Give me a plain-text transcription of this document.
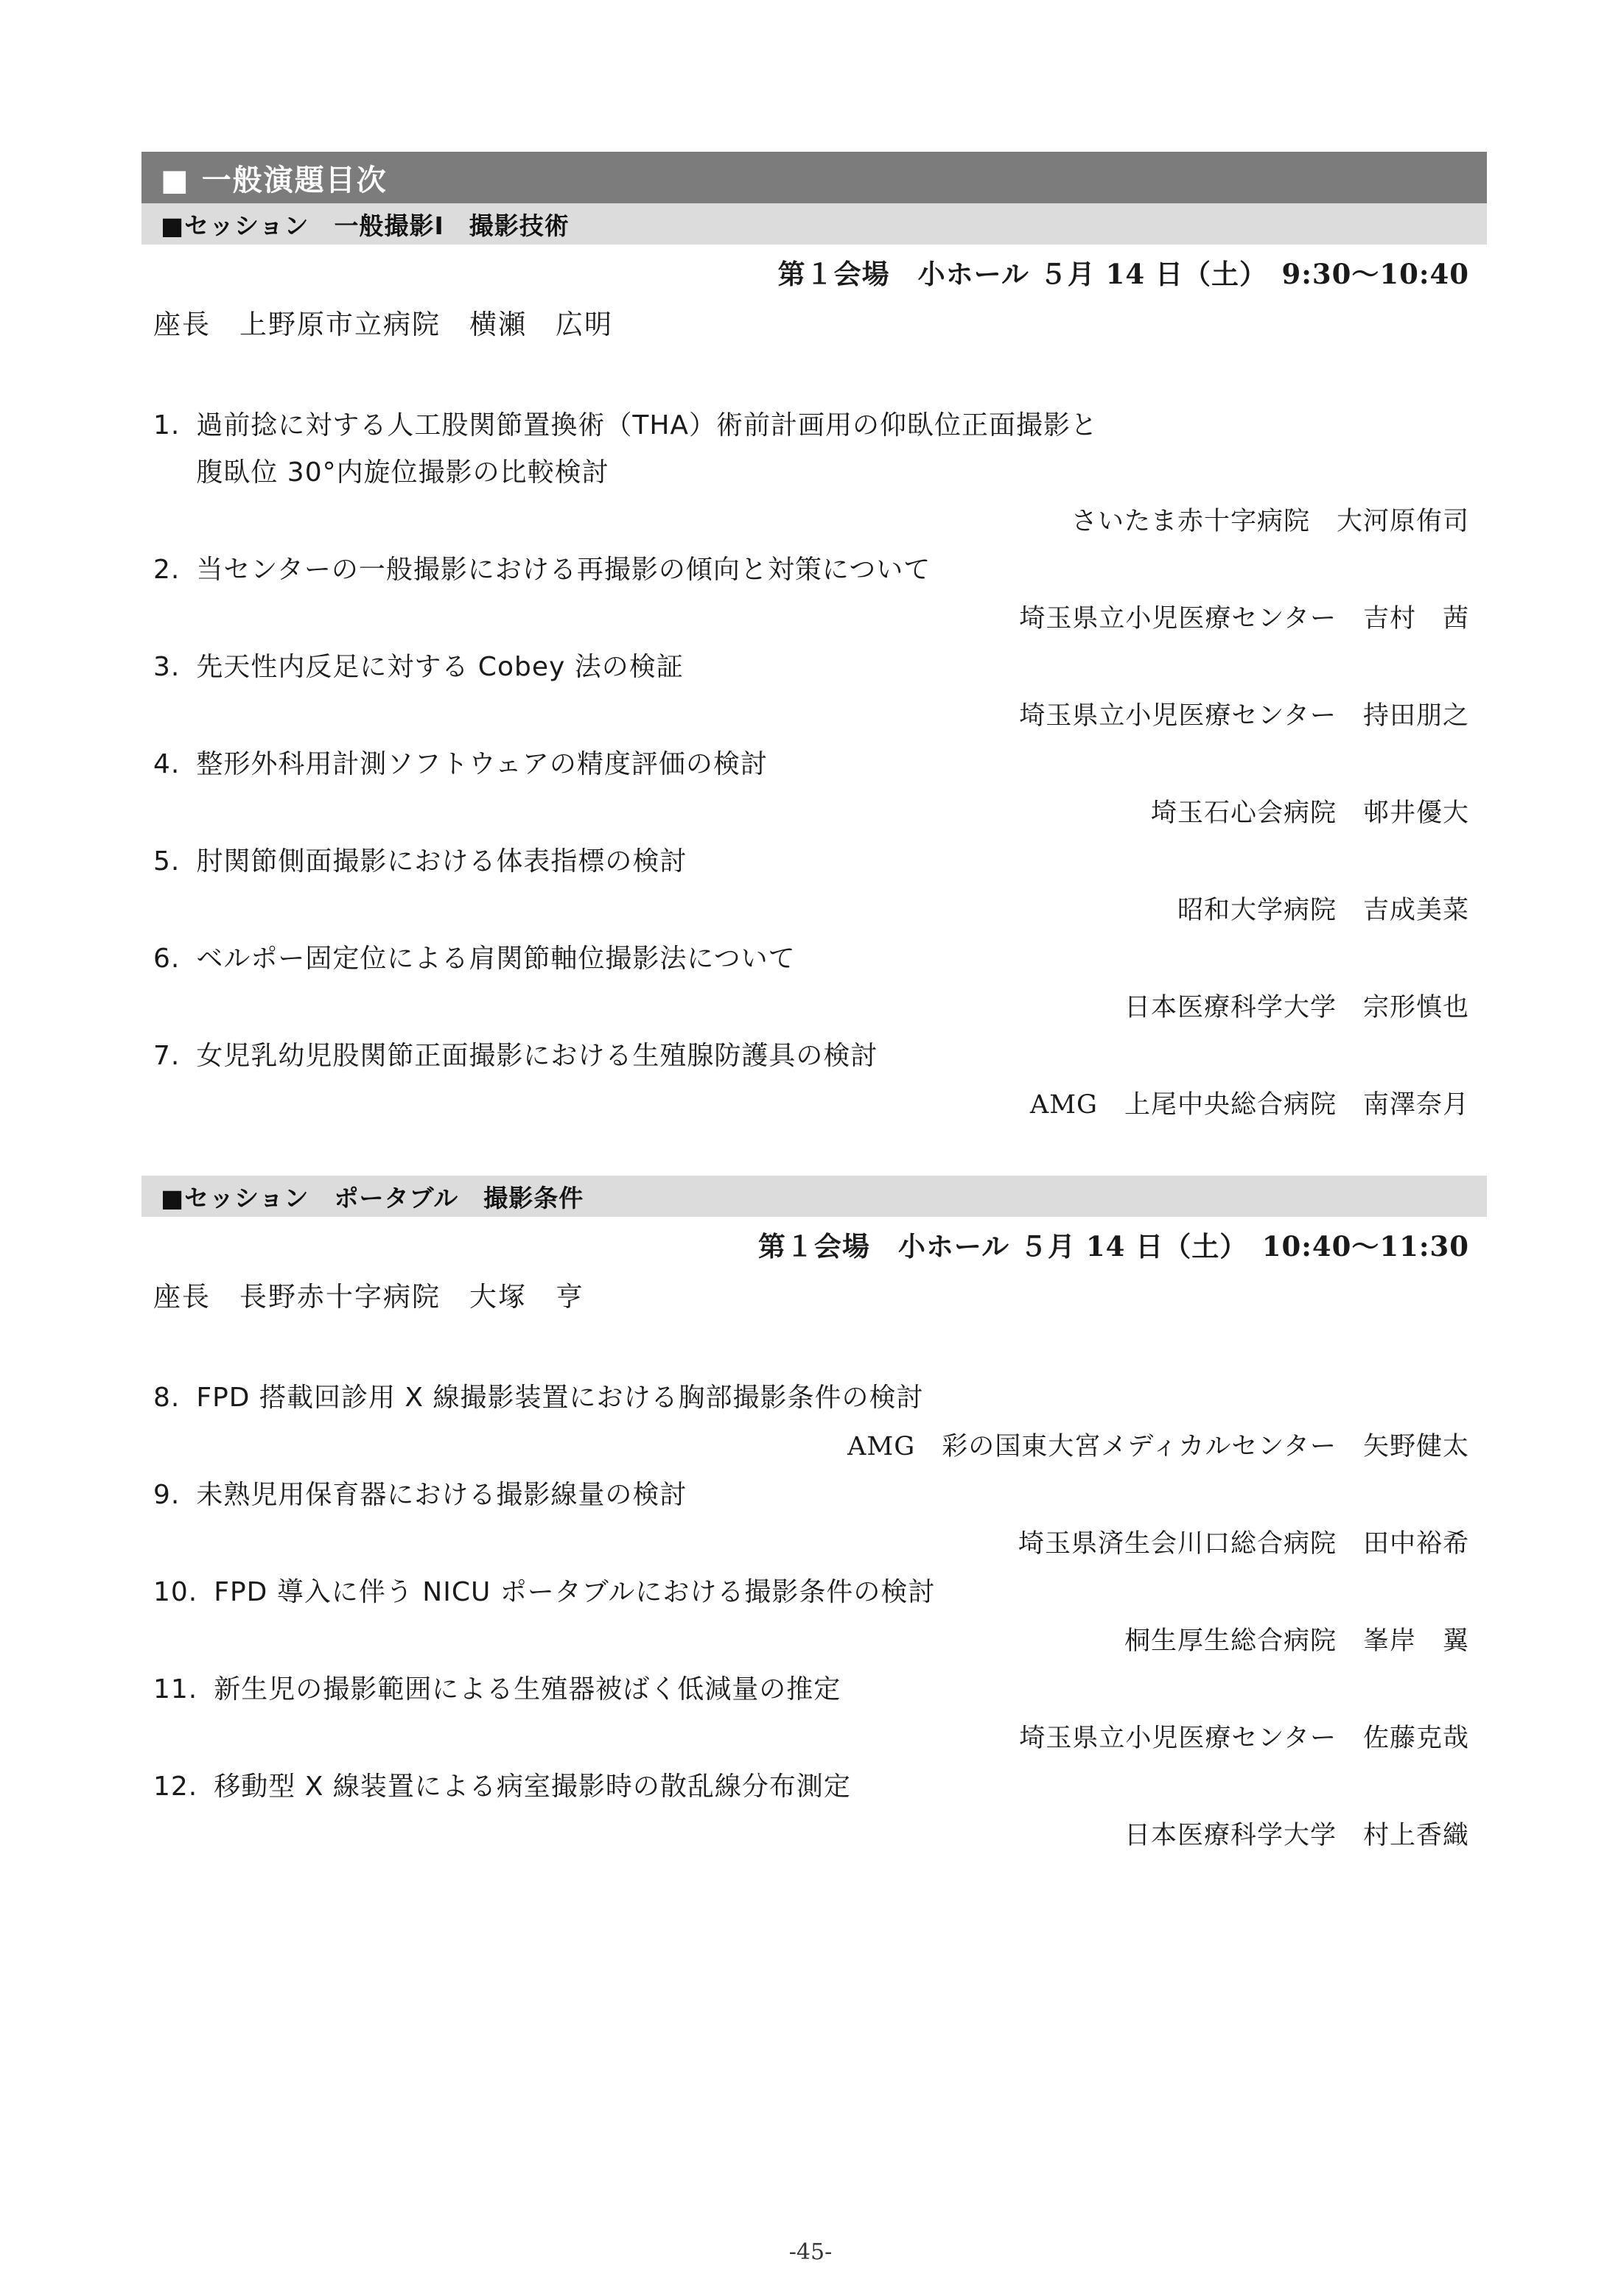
■ 一般演題目次
■セッション　一般撮影Ⅰ　撮影技術
第１会場　小ホール ５月 14 日（土）　9:30〜10:40
座長　上野原市立病院　横瀬　広明
1. 過前捻に対する人工股関節置換術（THA）術前計画用の仰臥位正面撮影と
腹臥位 30°内旋位撮影の比較検討
さいたま赤十字病院　大河原侑司
2. 当センターの一般撮影における再撮影の傾向と対策について
埼玉県立小児医療センター　吉村　茜
3. 先天性内反足に対する Cobey 法の検証
埼玉県立小児医療センター　持田朋之
4. 整形外科用計測ソフトウェアの精度評価の検討
埼玉石心会病院　邨井優大
5. 肘関節側面撮影における体表指標の検討
昭和大学病院　吉成美菜
6. ベルポー固定位による肩関節軸位撮影法について
日本医療科学大学　宗形慎也
7. 女児乳幼児股関節正面撮影における生殖腺防護具の検討
AMG　上尾中央総合病院　南澤奈月
■セッション　ポータブル　撮影条件
第１会場　小ホール ５月 14 日（土）　10:40〜11:30
座長　長野赤十字病院　大塚　亨
8. FPD 搭載回診用 X 線撮影装置における胸部撮影条件の検討
AMG　彩の国東大宮メディカルセンター　矢野健太
9. 未熟児用保育器における撮影線量の検討
埼玉県済生会川口総合病院　田中裕希
10. FPD 導入に伴う NICU ポータブルにおける撮影条件の検討
桐生厚生総合病院　峯岸　翼
11. 新生児の撮影範囲による生殖器被ばく低減量の推定
埼玉県立小児医療センター　佐藤克哉
12. 移動型 X 線装置による病室撮影時の散乱線分布測定
日本医療科学大学　村上香織
-45-
